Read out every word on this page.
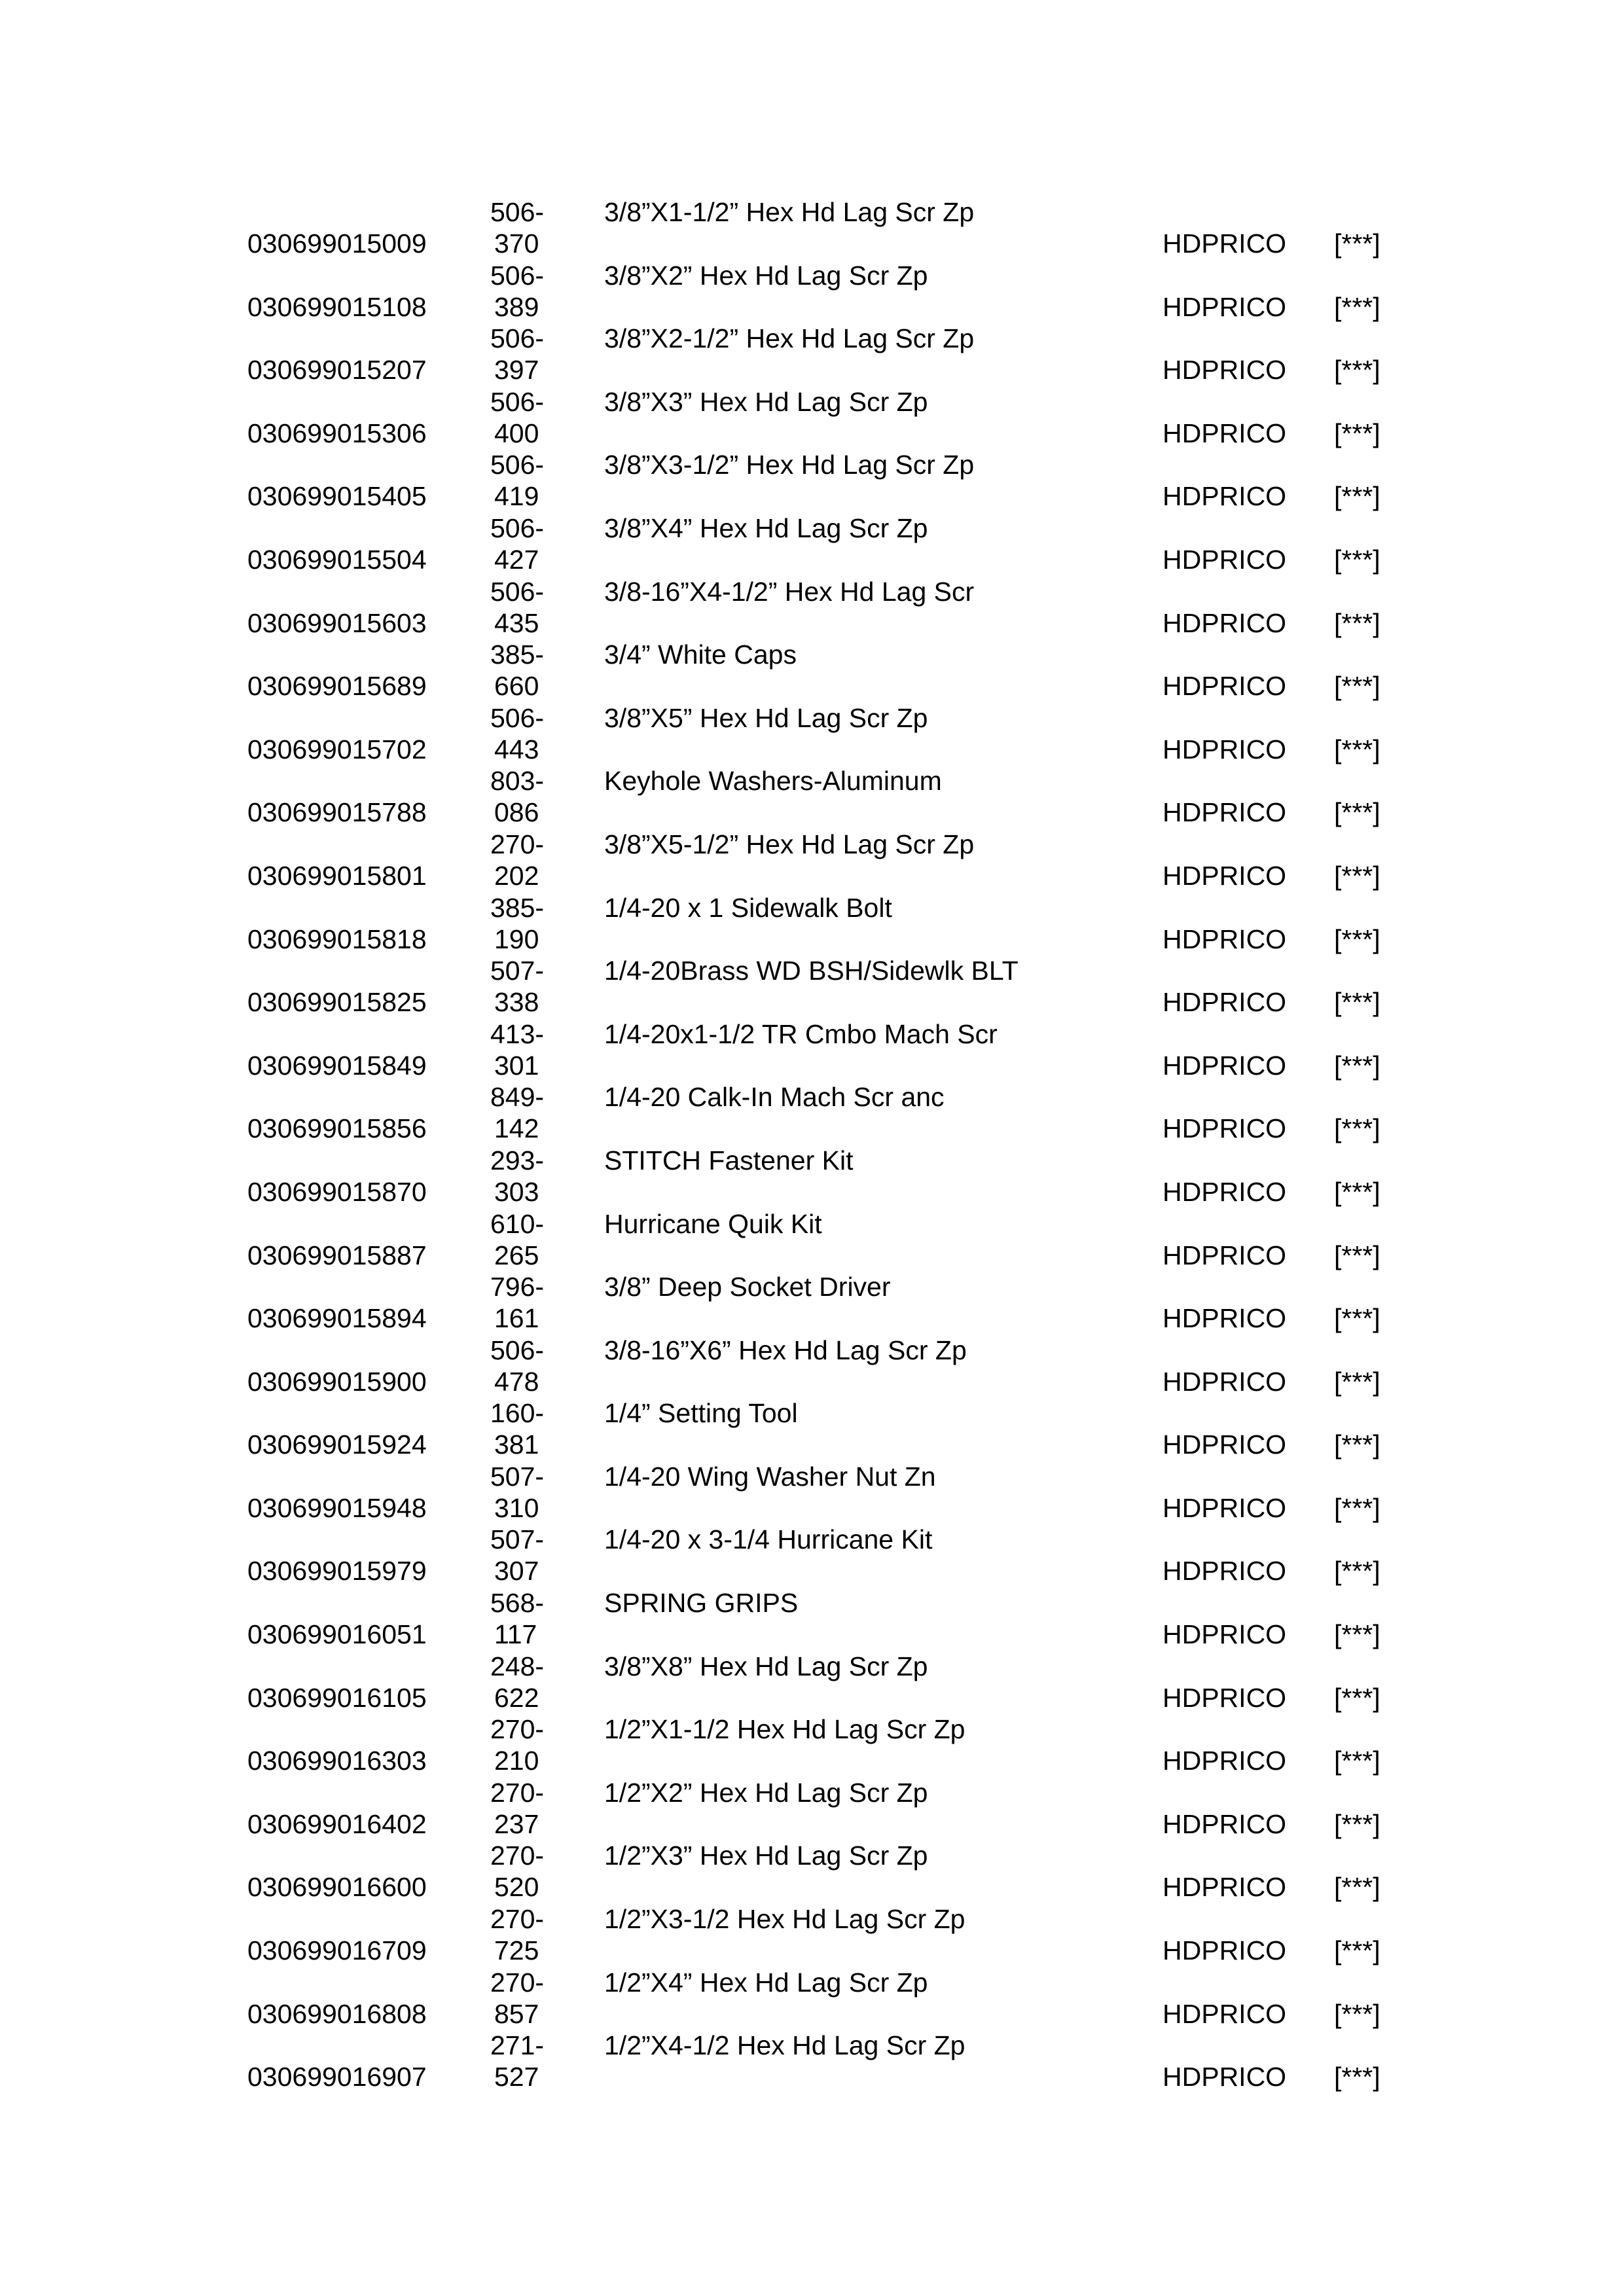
030699015009
506-
370
3/8”X1-1/2” Hex Hd Lag Scr Zp
HDPRICO [***]
030699015108
506-
389
3/8”X2” Hex Hd Lag Scr Zp
HDPRICO [***]
030699015207
506-
397
3/8”X2-1/2” Hex Hd Lag Scr Zp
HDPRICO [***]
030699015306
506-
400
3/8”X3” Hex Hd Lag Scr Zp
HDPRICO [***]
030699015405
506-
419
3/8”X3-1/2” Hex Hd Lag Scr Zp
HDPRICO [***]
030699015504
506-
427
3/8”X4” Hex Hd Lag Scr Zp
HDPRICO [***]
030699015603
506-
435
3/8-16”X4-1/2” Hex Hd Lag Scr
HDPRICO [***]
030699015689
385-
660
3/4” White Caps
HDPRICO [***]
030699015702
506-
443
3/8”X5” Hex Hd Lag Scr Zp
HDPRICO [***]
030699015788
803-
086
Keyhole Washers-Aluminum
HDPRICO [***]
030699015801
270-
202
3/8”X5-1/2” Hex Hd Lag Scr Zp
HDPRICO [***]
030699015818
385-
190
1/4-20 x 1 Sidewalk Bolt
HDPRICO [***]
030699015825
507-
338
1/4-20Brass WD BSH/Sidewlk BLT
HDPRICO [***]
030699015849
413-
301
1/4-20x1-1/2 TR Cmbo Mach Scr
HDPRICO [***]
030699015856
849-
142
1/4-20 Calk-In Mach Scr anc
HDPRICO [***]
030699015870
293-
303
STITCH Fastener Kit
HDPRICO [***]
030699015887
610-
265
Hurricane Quik Kit
HDPRICO [***]
030699015894
796-
161
3/8” Deep Socket Driver
HDPRICO [***]
030699015900
506-
478
3/8-16”X6” Hex Hd Lag Scr Zp
HDPRICO [***]
030699015924
160-
381
1/4” Setting Tool
HDPRICO [***]
030699015948
507-
310
1/4-20 Wing Washer Nut Zn
HDPRICO [***]
030699015979
507-
307
1/4-20 x 3-1/4 Hurricane Kit
HDPRICO [***]
030699016051
568-
117
SPRING GRIPS
HDPRICO [***]
030699016105
248-
622
3/8”X8” Hex Hd Lag Scr Zp
HDPRICO [***]
030699016303
270-
210
1/2”X1-1/2 Hex Hd Lag Scr Zp
HDPRICO [***]
030699016402
270-
237
1/2”X2” Hex Hd Lag Scr Zp
HDPRICO [***]
030699016600
270-
520
1/2”X3” Hex Hd Lag Scr Zp
HDPRICO [***]
030699016709
270-
725
1/2”X3-1/2 Hex Hd Lag Scr Zp
HDPRICO [***]
030699016808
270-
857
1/2”X4” Hex Hd Lag Scr Zp
HDPRICO [***]
030699016907
271-
527
1/2”X4-1/2 Hex Hd Lag Scr Zp
HDPRICO [***]
